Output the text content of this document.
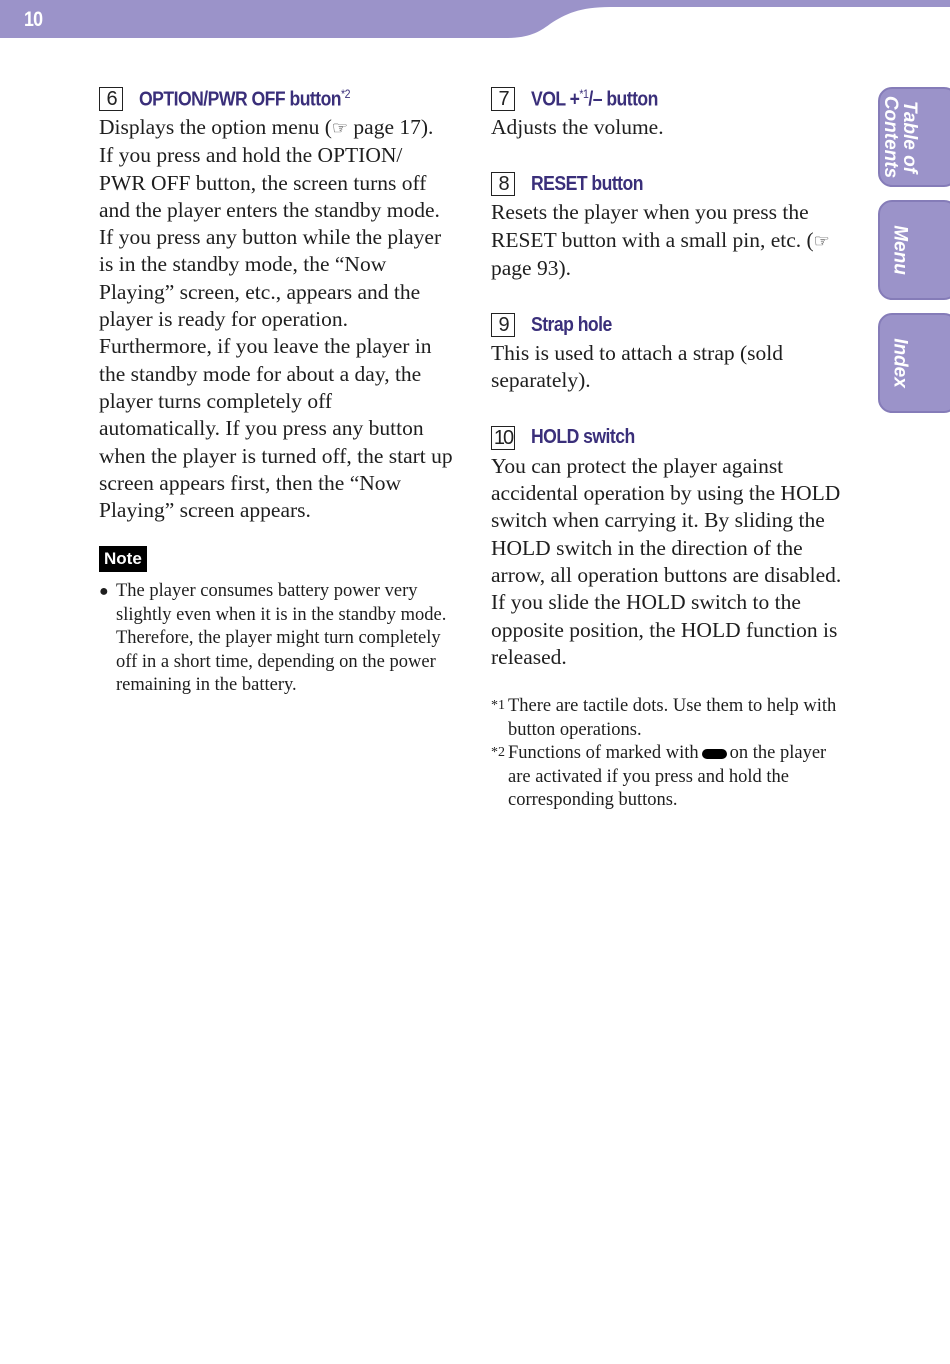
10
Table of
Contents
Menu
Index
6	OPTION/PWR OFF button$^{*2}$

Displays the option menu (☞ page 17).

If you press and hold the OPTION/ PWR OFF button, the screen turns off and the player enters the standby mode. If you press any button while the player is in the standby mode, the “Now Playing” screen, etc., appears and the player is ready for operation. Furthermore, if you leave the player in the standby mode for about a day, the player turns completely off automatically. If you press any button when the player is turned off, the start up screen appears first, then the “Now Playing” screen appears.

Note
● The player consumes battery power very slightly even when it is in the standby mode. Therefore, the player might turn completely off in a short time, depending on the power remaining in the battery.
7	VOL +$^{*1}$/– button

Adjusts the volume.

8	RESET button

Resets the player when you press the RESET button with a small pin, etc. (☞ page 93).

9	Strap hole

This is used to attach a strap (sold separately).

10 HOLD switch

You can protect the player against accidental operation by using the HOLD switch when carrying it. By sliding the HOLD switch in the direction of the arrow, all operation buttons are disabled. If you slide the HOLD switch to the opposite position, the HOLD function is released.

*1 There are tactile dots. Use them to help with button operations.
*2 Functions of marked with on the player are activated if you press and hold the corresponding buttons.
